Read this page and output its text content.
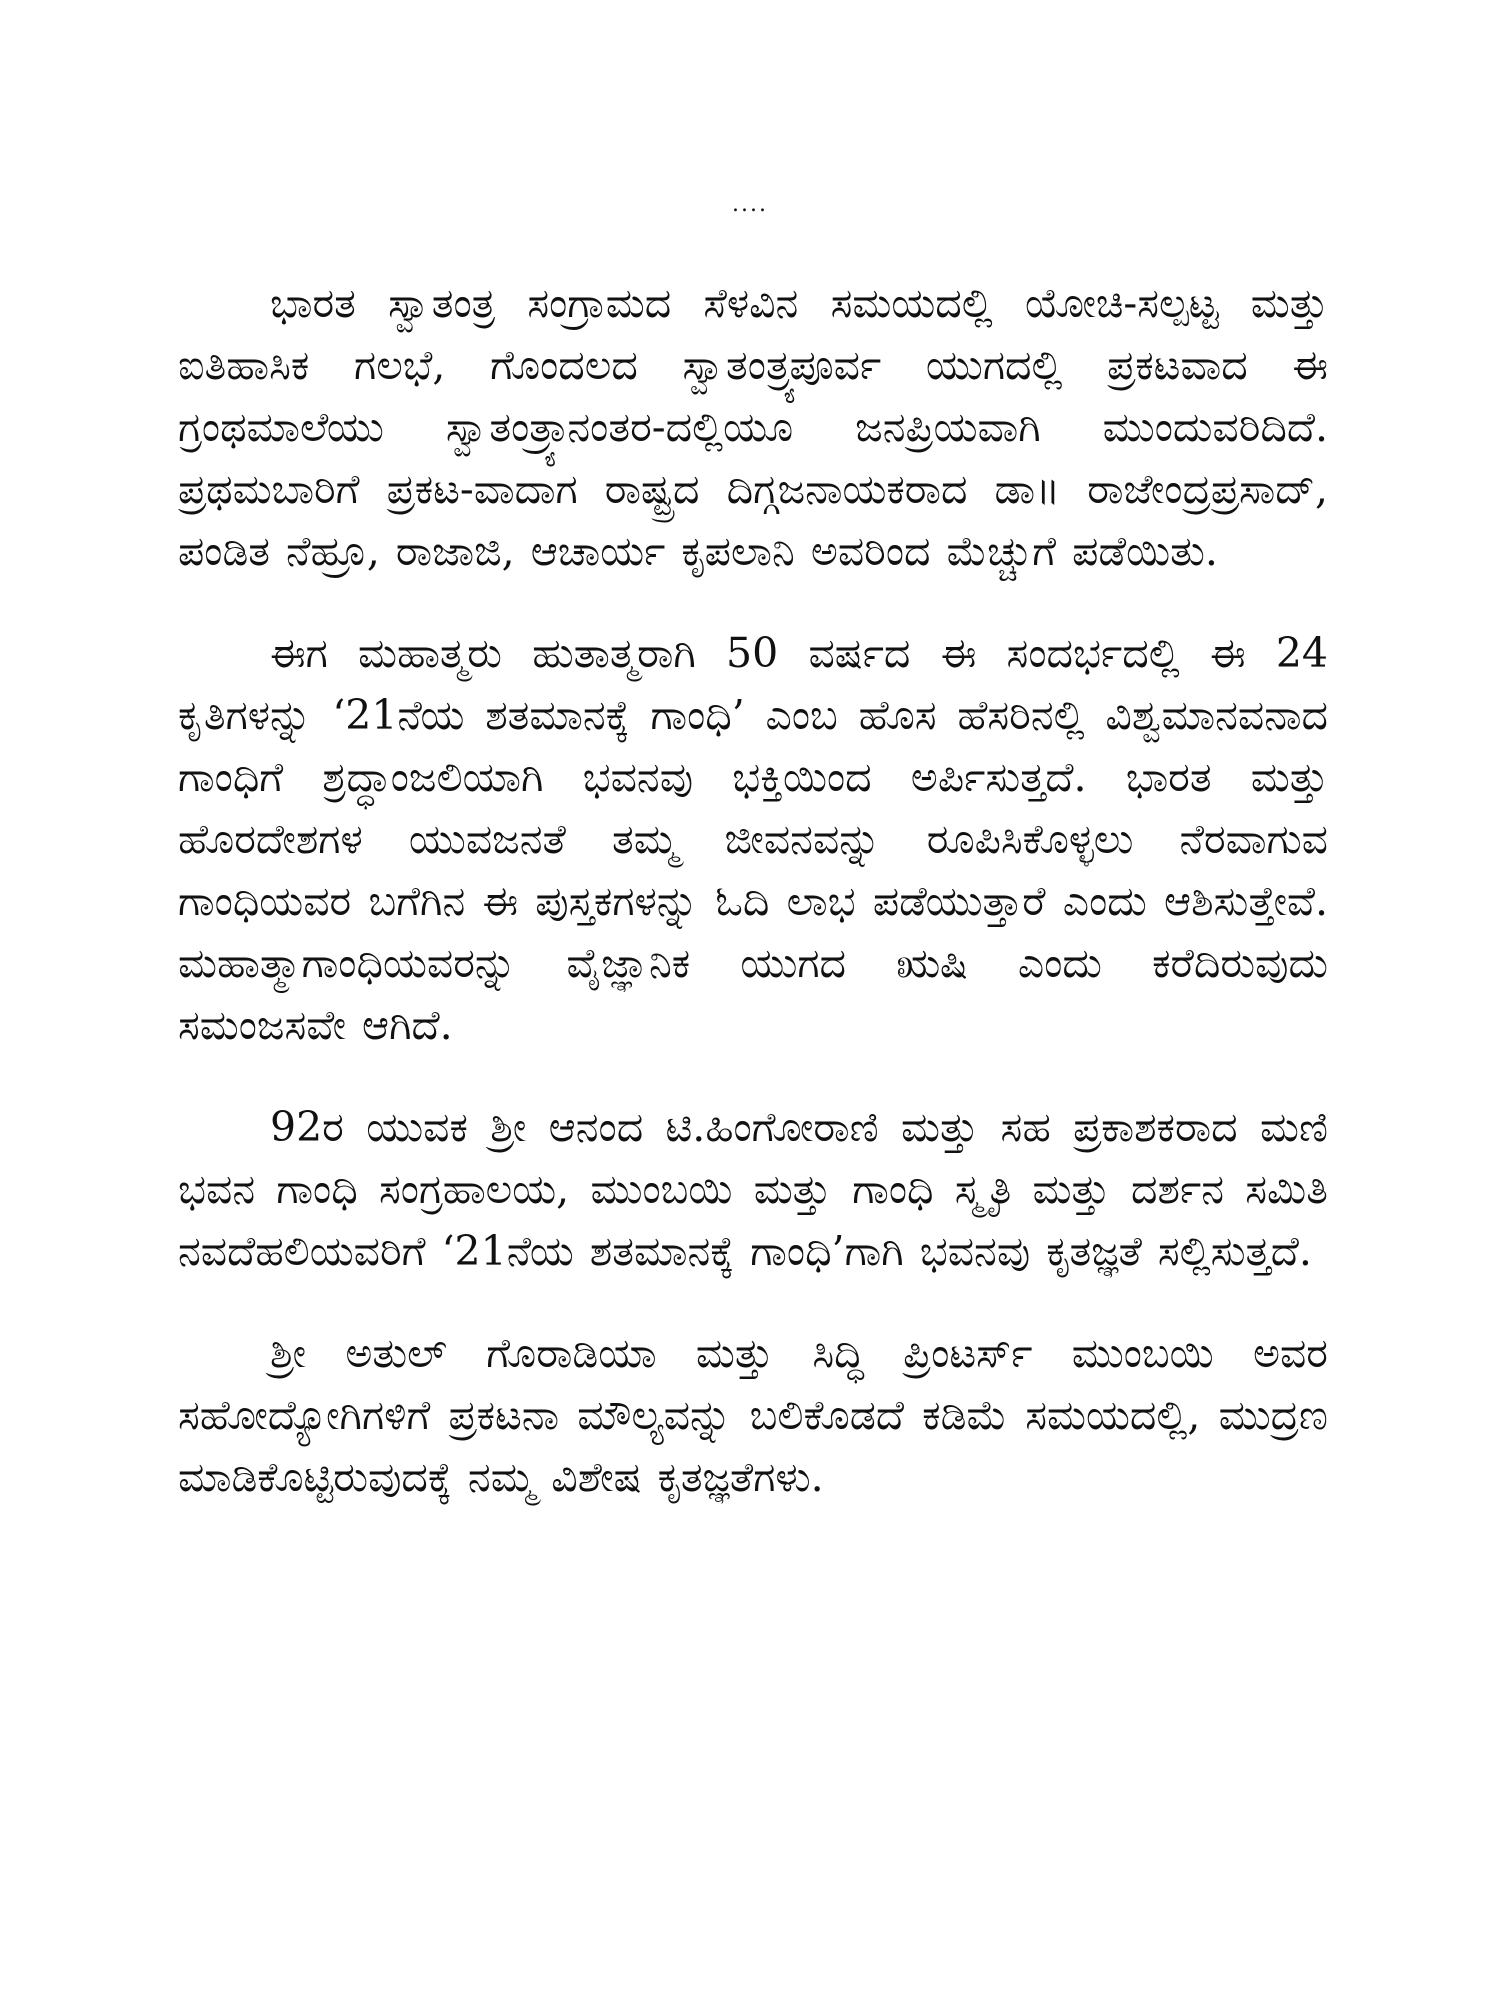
....

ಭಾರತ ಸ್ವಾತಂತ್ರ ಸಂಗ್ರಾಮದ ಸೆಳವಿನ ಸಮಯದಲ್ಲಿ ಯೋಚಿ-ಸಲ್ಪಟ್ಟ ಮತ್ತು ಐತಿಹಾಸಿಕ ಗಲಭೆ, ಗೊಂದಲದ ಸ್ವಾತಂತ್ರ್ಯಪೂರ್ವ ಯುಗದಲ್ಲಿ ಪ್ರಕಟವಾದ ಈ ಗ್ರಂಥಮಾಲೆಯು ಸ್ವಾತಂತ್ರ್ಯಾನಂತರ-ದಲ್ಲಿಯೂ ಜನಪ್ರಿಯವಾಗಿ ಮುಂದುವರಿದಿದೆ. ಪ್ರಥಮಬಾರಿಗೆ ಪ್ರಕಟ-ವಾದಾಗ ರಾಷ್ಟ್ರದ ದಿಗ್ಗಜನಾಯಕರಾದ ಡಾ॥ ರಾಜೇಂದ್ರಪ್ರಸಾದ್, ಪಂಡಿತ ನೆಹ್ರೂ, ರಾಜಾಜಿ, ಆಚಾರ್ಯ ಕೃಪಲಾನಿ ಅವರಿಂದ ಮೆಚ್ಚುಗೆ ಪಡೆಯಿತು.

ಈಗ ಮಹಾತ್ಮರು ಹುತಾತ್ಮರಾಗಿ 50 ವರ್ಷದ ಈ ಸಂದರ್ಭದಲ್ಲಿ ಈ 24 ಕೃತಿಗಳನ್ನು ‘21ನೆಯ ಶತಮಾನಕ್ಕೆ ಗಾಂಧಿ’ ಎಂಬ ಹೊಸ ಹೆಸರಿನಲ್ಲಿ ವಿಶ್ವಮಾನವನಾದ ಗಾಂಧಿಗೆ ಶ್ರದ್ಧಾಂಜಲಿಯಾಗಿ ಭವನವು ಭಕ್ತಿಯಿಂದ ಅರ್ಪಿಸುತ್ತದೆ. ಭಾರತ ಮತ್ತು ಹೊರದೇಶಗಳ ಯುವಜನತೆ ತಮ್ಮ ಜೀವನವನ್ನು ರೂಪಿಸಿಕೊಳ್ಳಲು ನೆರವಾಗುವ ಗಾಂಧಿಯವರ ಬಗೆಗಿನ ಈ ಪುಸ್ತಕಗಳನ್ನು ಓದಿ ಲಾಭ ಪಡೆಯುತ್ತಾರೆ ಎಂದು ಆಶಿಸುತ್ತೇವೆ. ಮಹಾತ್ಮಾಗಾಂಧಿಯವರನ್ನು ವೈಜ್ಞಾನಿಕ ಯುಗದ ಋಷಿ ಎಂದು ಕರೆದಿರುವುದು ಸಮಂಜಸವೇ ಆಗಿದೆ.

92ರ ಯುವಕ ಶ್ರೀ ಆನಂದ ಟಿ.ಹಿಂಗೋರಾಣಿ ಮತ್ತು ಸಹ ಪ್ರಕಾಶಕರಾದ ಮಣಿ ಭವನ ಗಾಂಧಿ ಸಂಗ್ರಹಾಲಯ, ಮುಂಬಯಿ ಮತ್ತು ಗಾಂಧಿ ಸ್ಮೃತಿ ಮತ್ತು ದರ್ಶನ ಸಮಿತಿ ನವದೆಹಲಿಯವರಿಗೆ ‘21ನೆಯ ಶತಮಾನಕ್ಕೆ ಗಾಂಧಿ’ಗಾಗಿ ಭವನವು ಕೃತಜ್ಞತೆ ಸಲ್ಲಿಸುತ್ತದೆ.

ಶ್ರೀ ಅತುಲ್ ಗೊರಾಡಿಯಾ ಮತ್ತು ಸಿದ್ಧಿ ಪ್ರಿಂಟರ್ಸ್ ಮುಂಬಯಿ ಅವರ ಸಹೋದ್ಯೋಗಿಗಳಿಗೆ ಪ್ರಕಟನಾ ಮೌಲ್ಯವನ್ನು ಬಲಿಕೊಡದೆ ಕಡಿಮೆ ಸಮಯದಲ್ಲಿ, ಮುದ್ರಣ ಮಾಡಿಕೊಟ್ಟಿರುವುದಕ್ಕೆ ನಮ್ಮ ವಿಶೇಷ ಕೃತಜ್ಞತೆಗಳು.
